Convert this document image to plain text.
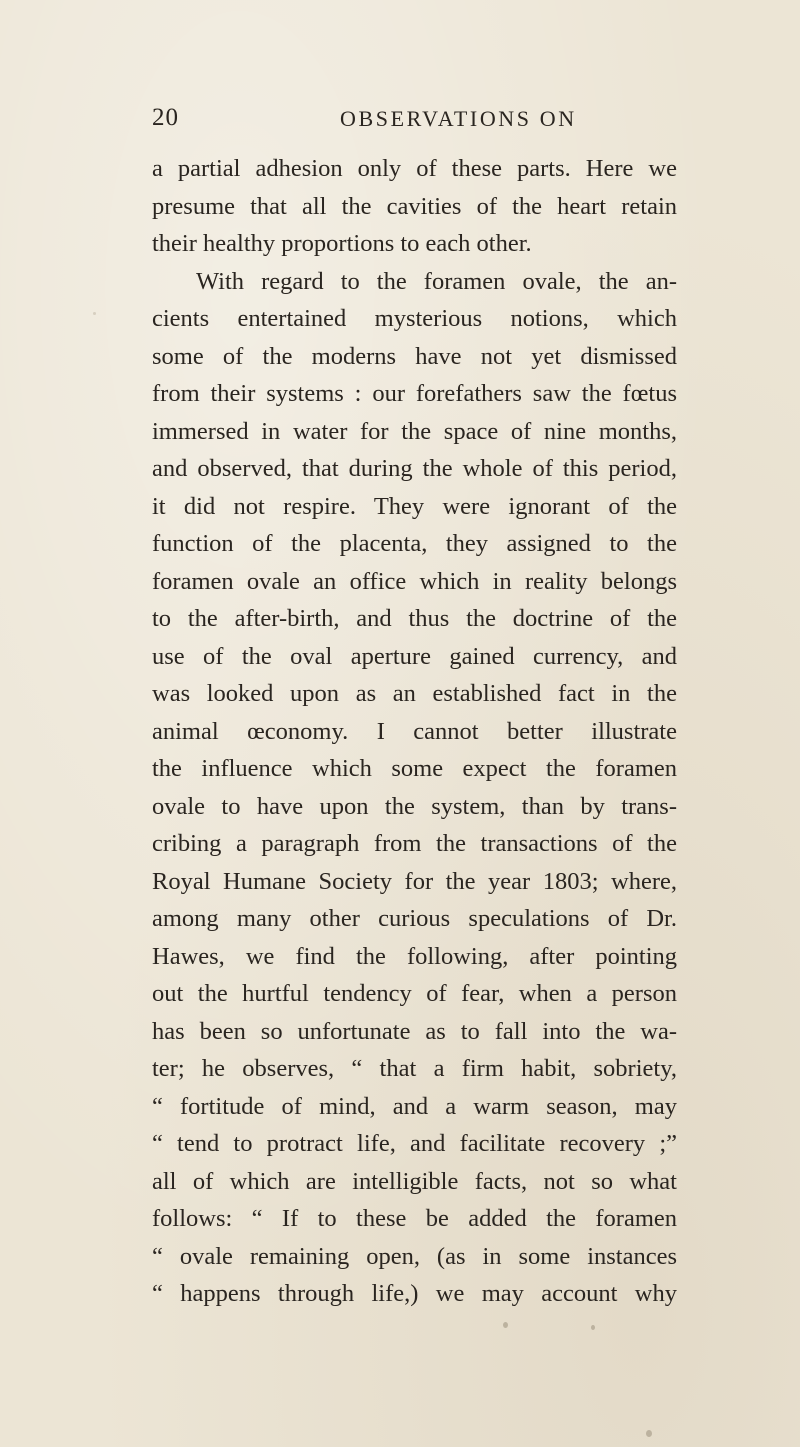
20	OBSERVATIONS ON
a partial adhesion only of these parts. Here we
presume that all the cavities of the heart retain
their healthy proportions to each other.
With regard to the foramen ovale, the an-
cients entertained mysterious notions, which
some of the moderns have not yet dismissed
from their systems : our forefathers saw the fœtus
immersed in water for the space of nine months,
and observed, that during the whole of this period,
it did not respire. They were ignorant of the
function of the placenta, they assigned to the
foramen ovale an office which in reality belongs
to the after-birth, and thus the doctrine of the
use of the oval aperture gained currency, and
was looked upon as an established fact in the
animal œconomy. I cannot better illustrate
the influence which some expect the foramen
ovale to have upon the system, than by trans-
cribing a paragraph from the transactions of the
Royal Humane Society for the year 1803; where,
among many other curious speculations of Dr.
Hawes, we find the following, after pointing
out the hurtful tendency of fear, when a person
has been so unfortunate as to fall into the wa-
ter; he observes, “ that a firm habit, sobriety,
“ fortitude of mind, and a warm season, may
“ tend to protract life, and facilitate recovery ;”
all of which are intelligible facts, not so what
follows: “ If to these be added the foramen
“ ovale remaining open, (as in some instances
“ happens through life,) we may account why
